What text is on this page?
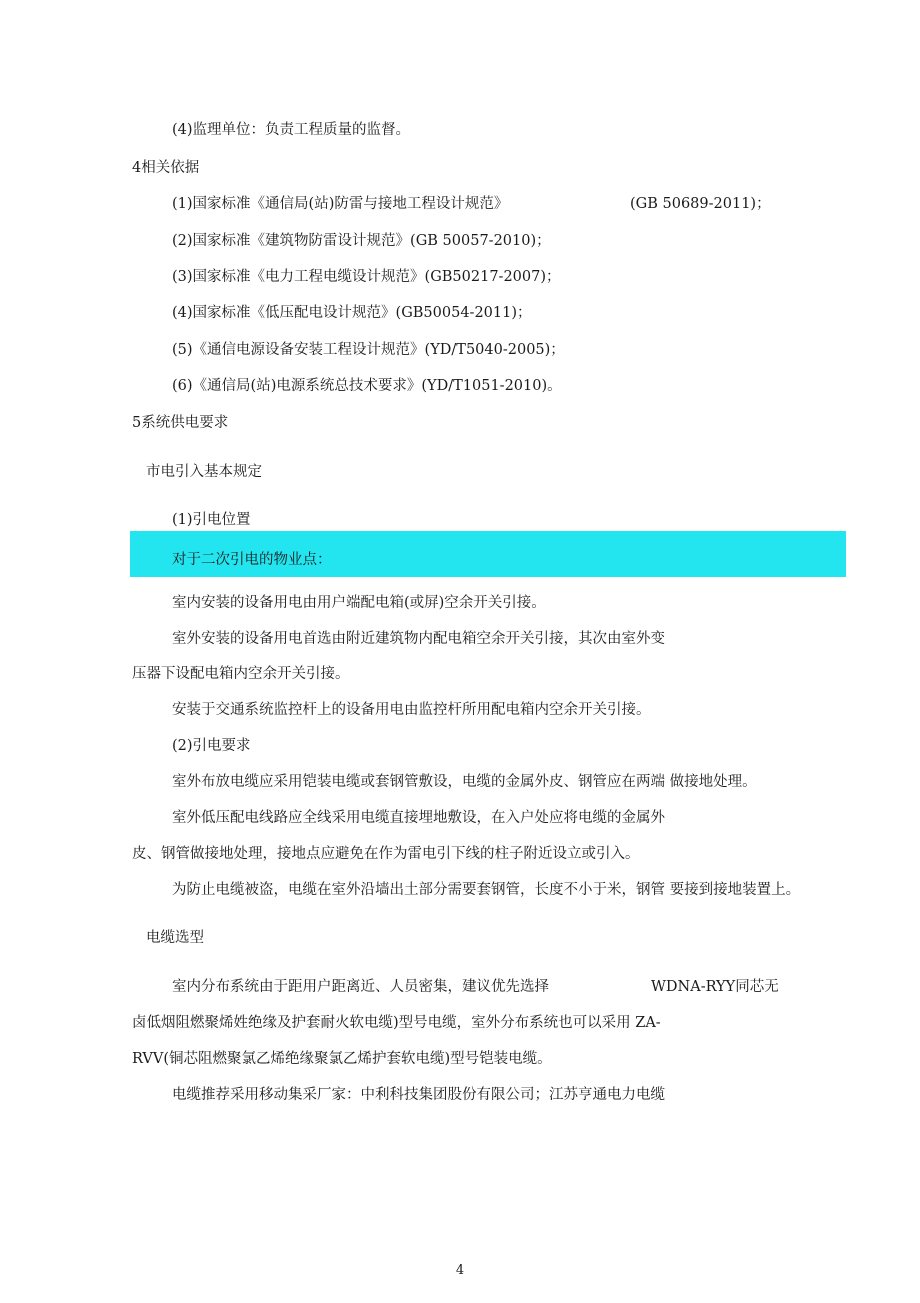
(4)监理单位：负责工程质量的监督。
4相关依据
(1)国家标准《通信局(站)防雷与接地工程设计规范》	(GB 50689-2011)；
(2)国家标准《建筑物防雷设计规范》(GB 50057-2010)；
(3)国家标准《电力工程电缆设计规范》(GB50217-2007)；
(4)国家标准《低压配电设计规范》(GB50054-2011)；
(5)《通信电源设备安装工程设计规范》(YD/T5040-2005)；
(6)《通信局(站)电源系统总技术要求》(YD/T1051-2010)。
5系统供电要求
市电引入基本规定
(1)引电位置
对于二次引电的物业点：
室内安装的设备用电由用户端配电箱(或屏)空余开关引接。
室外安装的设备用电首选由附近建筑物内配电箱空余开关引接，其次由室外变
压器下设配电箱内空余开关引接。
安装于交通系统监控杆上的设备用电由监控杆所用配电箱内空余开关引接。
(2)引电要求
室外布放电缆应采用铠装电缆或套钢管敷设，电缆的金属外皮、钢管应在两端 做接地处理。
室外低压配电线路应全线采用电缆直接埋地敷设，在入户处应将电缆的金属外
皮、钢管做接地处理，接地点应避免在作为雷电引下线的柱子附近设立或引入。
为防止电缆被盗，电缆在室外沿墙出土部分需要套钢管，长度不小于米，钢管 要接到接地装置上。
电缆选型
室内分布系统由于距用户距离近、人员密集，建议优先选择	WDNA-RYY同芯无
卤低烟阻燃聚烯姓绝缘及护套耐火软电缆)型号电缆，室外分布系统也可以采用 ZA-
RVV(铜芯阻燃聚氯乙烯绝缘聚氯乙烯护套软电缆)型号铠装电缆。
电缆推荐采用移动集采厂家：中利科技集团股份有限公司；江苏亨通电力电缆
4
